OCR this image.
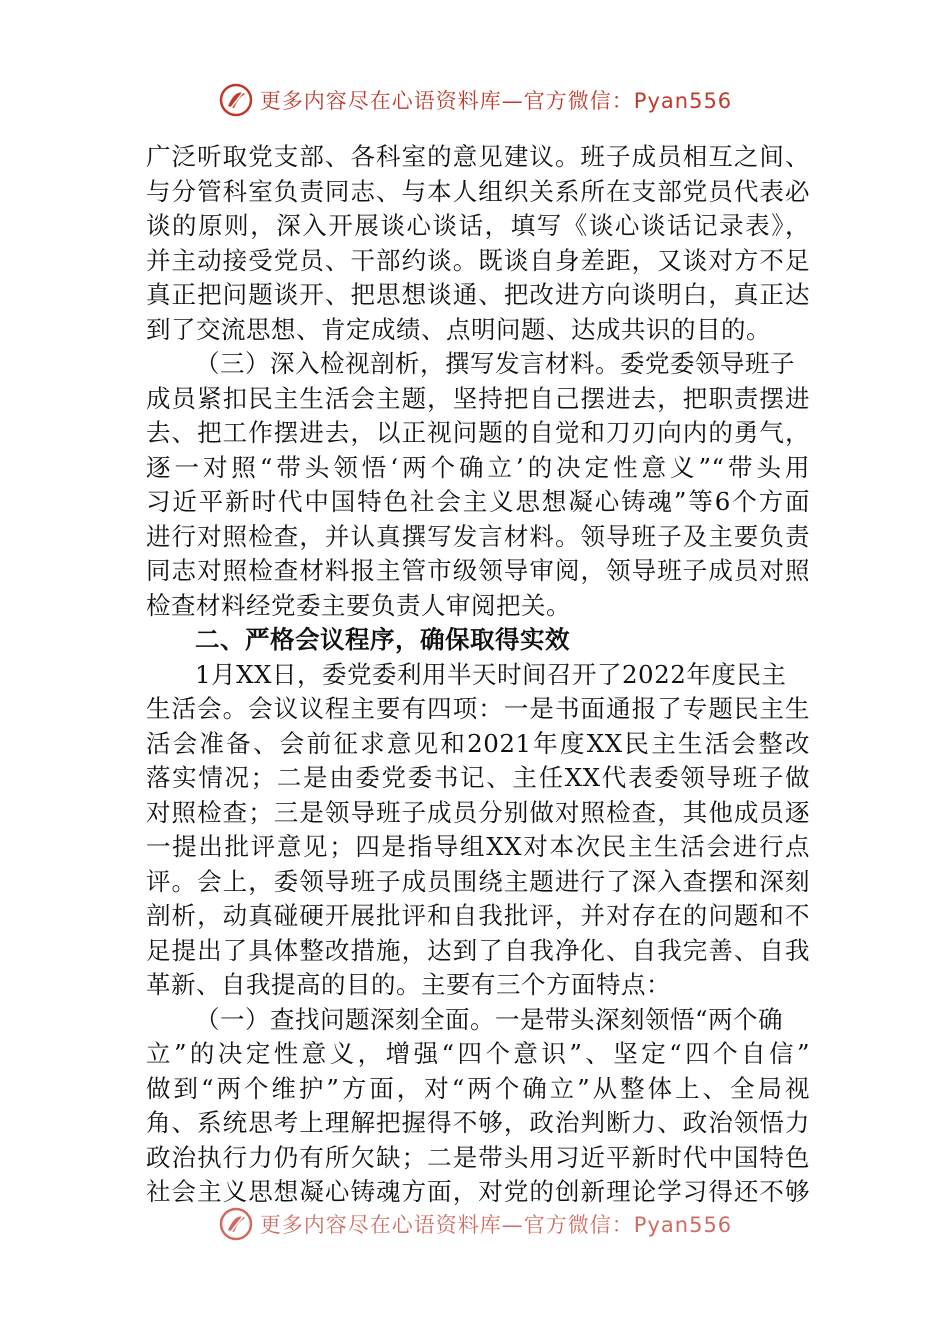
更多内容尽在心语资料库—官方微信：Pyan556
广泛听取党支部、各科室的意见建议。班子成员相互之间、
与分管科室负责同志、与本人组织关系所在支部党员代表必
谈的原则，深入开展谈心谈话，填写《谈心谈话记录表》，
并主动接受党员、干部约谈。既谈自身差距，又谈对方不足
真正把问题谈开、把思想谈通、把改进方向谈明白，真正达
到了交流思想、肯定成绩、点明问题、达成共识的目的。
（三）深入检视剖析，撰写发言材料。委党委领导班子
成员紧扣民主生活会主题，坚持把自己摆进去，把职责摆进
去、把工作摆进去，以正视问题的自觉和刀刃向内的勇气，
逐一对照“带头领悟‘两个确立’的决定性意义”“带头用
习近平新时代中国特色社会主义思想凝心铸魂”等6个方面
进行对照检查，并认真撰写发言材料。领导班子及主要负责
同志对照检查材料报主管市级领导审阅，领导班子成员对照
检查材料经党委主要负责人审阅把关。
二、严格会议程序，确保取得实效
1月XX日，委党委利用半天时间召开了2022年度民主
生活会。会议议程主要有四项：一是书面通报了专题民主生
活会准备、会前征求意见和2021年度XX民主生活会整改
落实情况；二是由委党委书记、主任XX代表委领导班子做
对照检查；三是领导班子成员分别做对照检查，其他成员逐
一提出批评意见；四是指导组XX对本次民主生活会进行点
评。会上，委领导班子成员围绕主题进行了深入查摆和深刻
剖析，动真碰硬开展批评和自我批评，并对存在的问题和不
足提出了具体整改措施，达到了自我净化、自我完善、自我
革新、自我提高的目的。主要有三个方面特点：
（一）查找问题深刻全面。一是带头深刻领悟“两个确
立”的决定性意义，增强“四个意识”、坚定“四个自信”
做到“两个维护”方面，对“两个确立”从整体上、全局视
角、系统思考上理解把握得不够，政治判断力、政治领悟力
政治执行力仍有所欠缺；二是带头用习近平新时代中国特色
社会主义思想凝心铸魂方面，对党的创新理论学习得还不够
更多内容尽在心语资料库—官方微信：Pyan556
